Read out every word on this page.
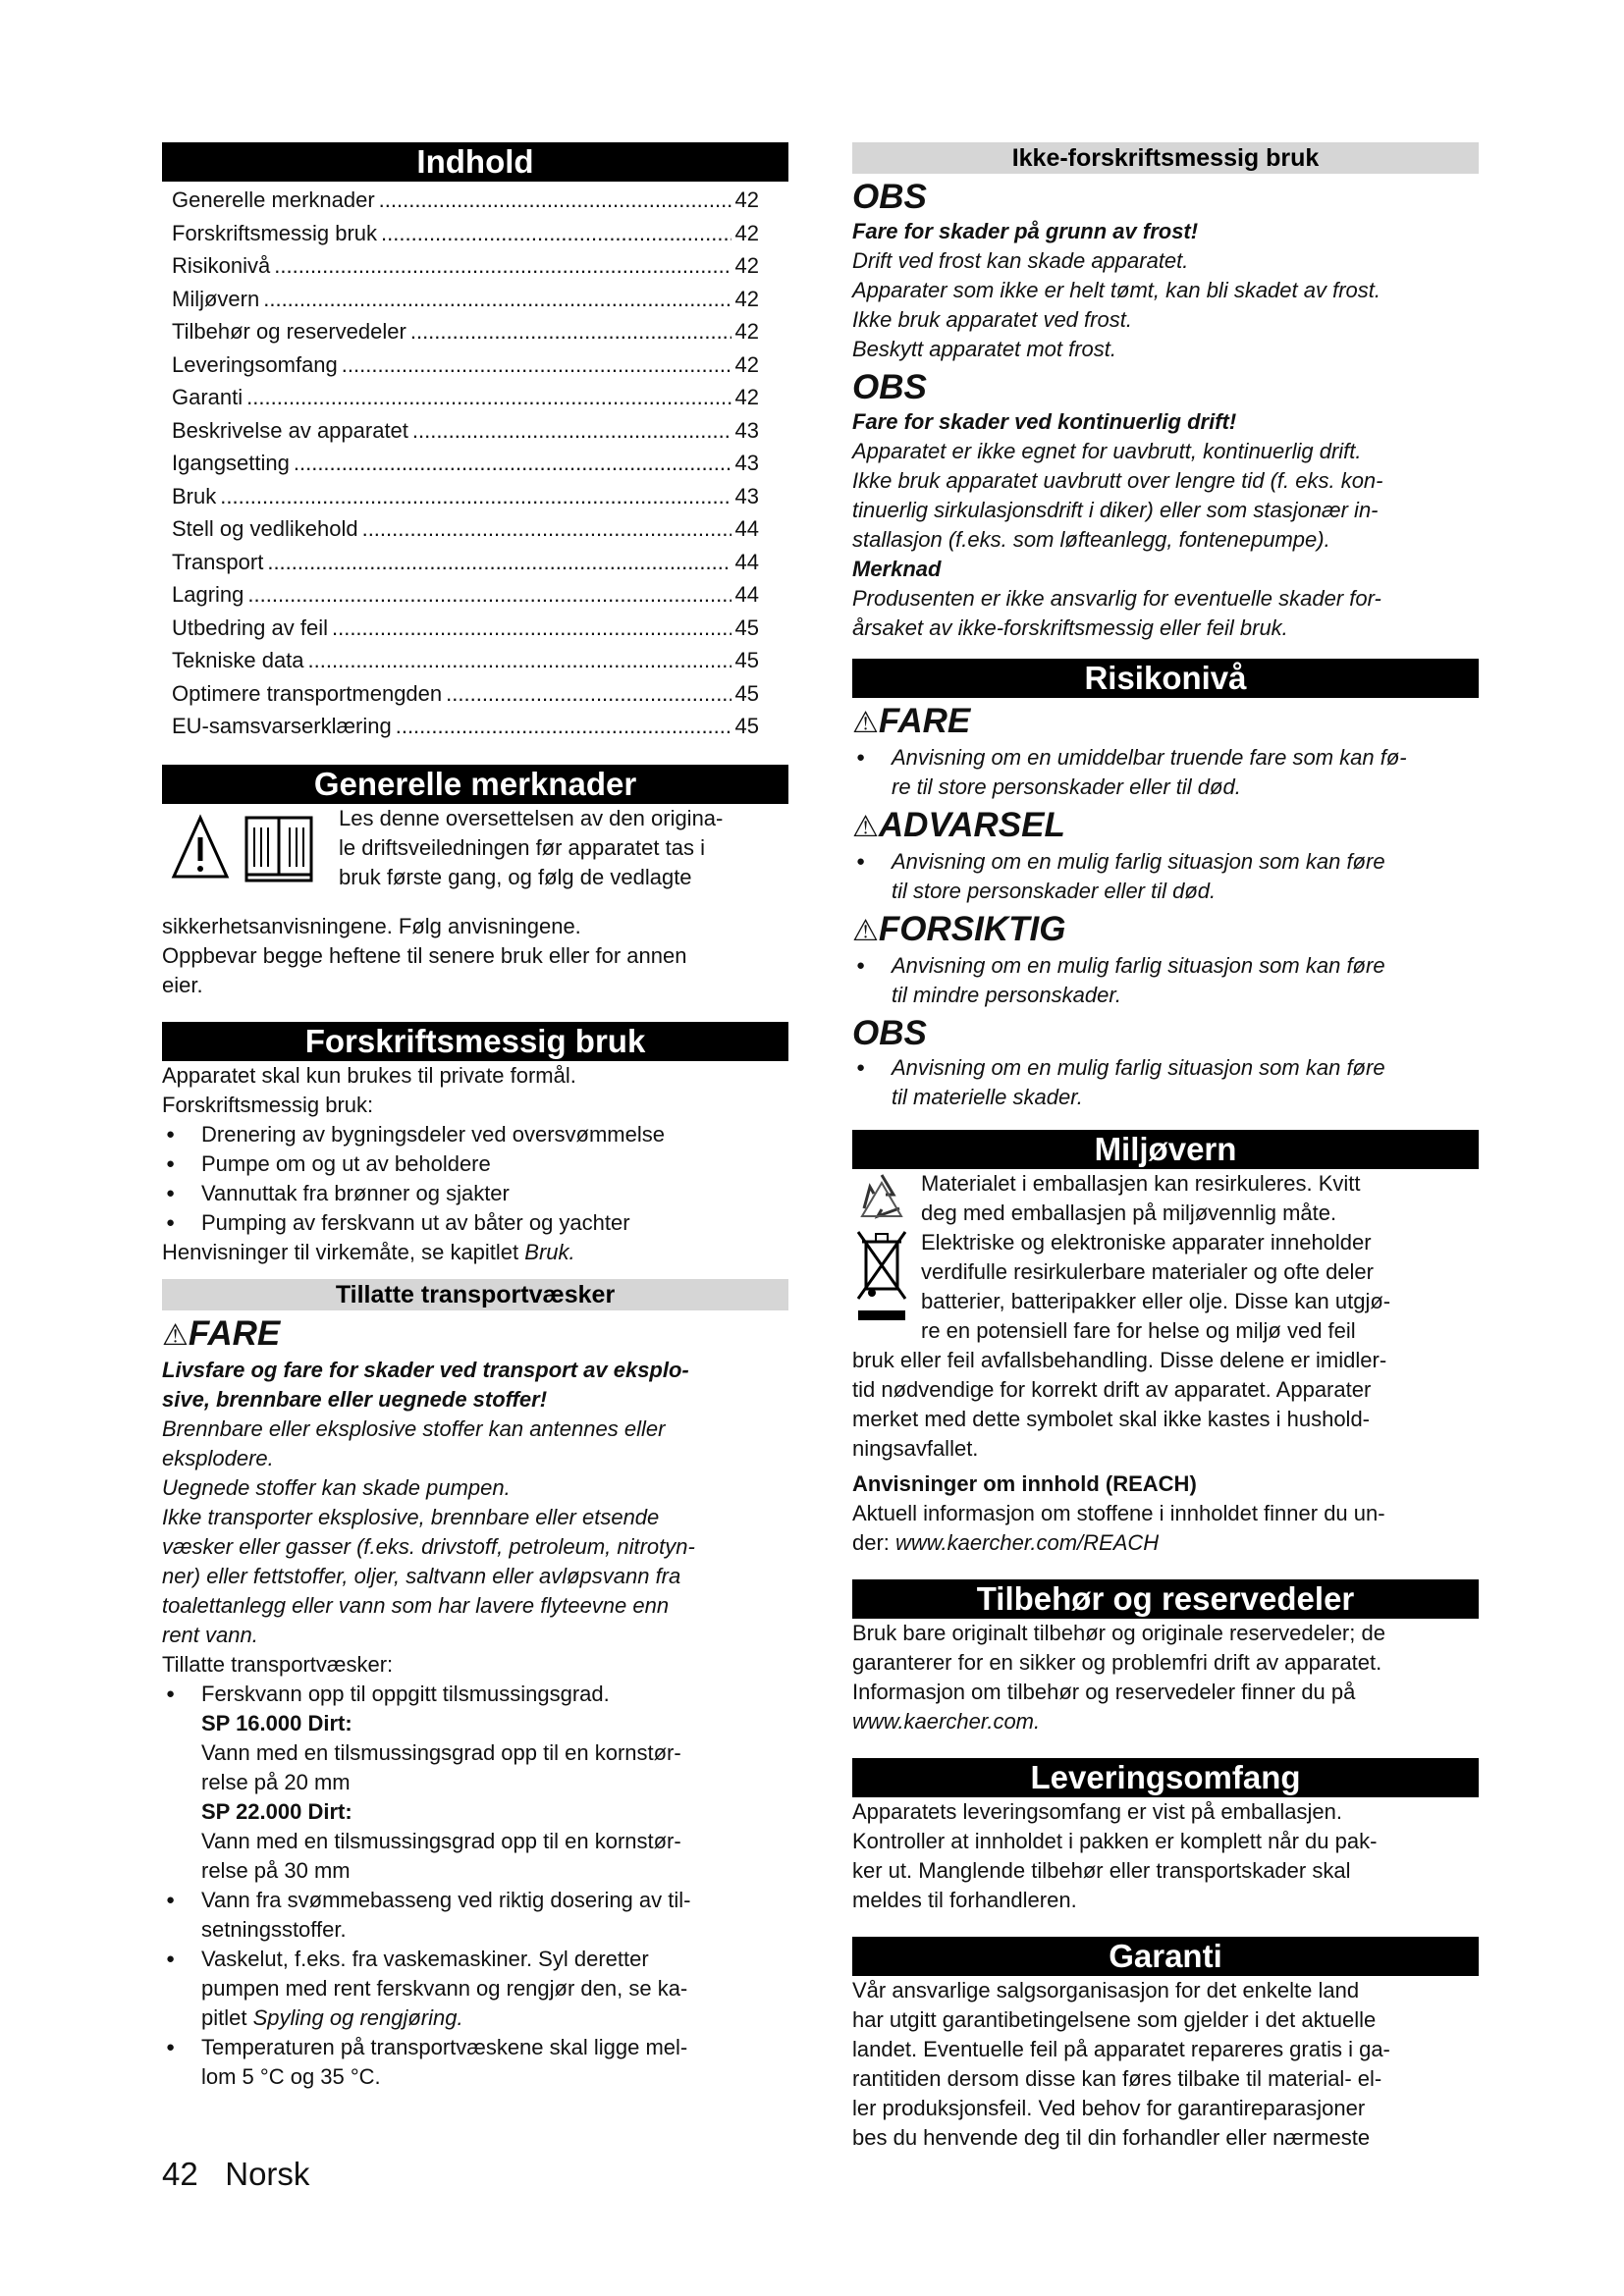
Indhold
Generelle merknader .....	42
Forskriftsmessig bruk .....	42
Risikonivå .....	42
Miljøvern .....	42
Tilbehør og reservedeler .....	42
Leveringsomfang .....	42
Garanti .....	42
Beskrivelse av apparatet .....	43
Igangsetting .....	43
Bruk .....	43
Stell og vedlikehold .....	44
Transport .....	44
Lagring .....	44
Utbedring av feil .....	45
Tekniske data .....	45
Optimere transportmengden .....	45
EU-samsvarserklæring .....	45
Generelle merknader

Les denne oversettelsen av den origina-

le driftsveiledningen før apparatet tas i

bruk første gang, og følg de vedlagte

sikkerhetsanvisningene. Følg anvisningene.

Oppbevar begge heftene til senere bruk eller for annen

eier.

Forskriftsmessig bruk

Apparatet skal kun brukes til private formål.

Forskriftsmessig bruk:

● Drenering av bygningsdeler ved oversvømmelse
● Pumpe om og ut av beholdere
● Vannuttak fra brønner og sjakter
● Pumping av ferskvann ut av båter og yachter

Henvisninger til virkemåte, se kapitlet Bruk.

Tillatte transportvæsker
⚠FARE

Livsfare og fare for skader ved transport av eksplo-

sive, brennbare eller uegnede stoffer!

Brennbare eller eksplosive stoffer kan antennes eller

eksplodere.

Uegnede stoffer kan skade pumpen.

Ikke transporter eksplosive, brennbare eller etsende

væsker eller gasser (f.eks. drivstoff, petroleum, nitrotyn-

ner) eller fettstoffer, oljer, saltvann eller avløpsvann fra

toalettanlegg eller vann som har lavere flyteevne enn

rent vann.

Tillatte transportvæsker:

● Ferskvann opp til oppgitt tilsmussingsgrad.
SP 16.000 Dirt:
Vann med en tilsmussingsgrad opp til en kornstør-
relse på 20 mm
SP 22.000 Dirt:
Vann med en tilsmussingsgrad opp til en kornstør-
relse på 30 mm
● Vann fra svømmebasseng ved riktig dosering av til-
setningsstoffer.
● Vaskelut, f.eks. fra vaskemaskiner. Syl deretter
pumpen med rent ferskvann og rengjør den, se ka-
pitlet Spyling og rengjøring.
● Temperaturen på transportvæskene skal ligge mel-
lom 5 °C og 35 °C.
Ikke-forskriftsmessig bruk
OBS

Fare for skader på grunn av frost!

Drift ved frost kan skade apparatet.

Apparater som ikke er helt tømt, kan bli skadet av frost.

Ikke bruk apparatet ved frost.

Beskytt apparatet mot frost.

OBS

Fare for skader ved kontinuerlig drift!

Apparatet er ikke egnet for uavbrutt, kontinuerlig drift.

Ikke bruk apparatet uavbrutt over lengre tid (f. eks. kon-

tinuerlig sirkulasjonsdrift i diker) eller som stasjonær in-

stallasjon (f.eks. som løfteanlegg, fontenepumpe).

Merknad

Produsenten er ikke ansvarlig for eventuelle skader for-

årsaket av ikke-forskriftsmessig eller feil bruk.

Risikonivå
⚠FARE
● Anvisning om en umiddelbar truende fare som kan fø-
re til store personskader eller til død.
⚠ADVARSEL
● Anvisning om en mulig farlig situasjon som kan føre
til store personskader eller til død.
⚠FORSIKTIG
● Anvisning om en mulig farlig situasjon som kan føre
til mindre personskader.
OBS
● Anvisning om en mulig farlig situasjon som kan føre
til materielle skader.
Miljøvern

Materialet i emballasjen kan resirkuleres. Kvitt

deg med emballasjen på miljøvennlig måte.

Elektriske og elektroniske apparater inneholder

verdifulle resirkulerbare materialer og ofte deler

batterier, batteripakker eller olje. Disse kan utgjø-

re en potensiell fare for helse og miljø ved feil

bruk eller feil avfallsbehandling. Disse delene er imidler-

tid nødvendige for korrekt drift av apparatet. Apparater

merket med dette symbolet skal ikke kastes i hushold-

ningsavfallet.

Anvisninger om innhold (REACH)

Aktuell informasjon om stoffene i innholdet finner du un-

der: www.kaercher.com/REACH

Tilbehør og reservedeler

Bruk bare originalt tilbehør og originale reservedeler; de

garanterer for en sikker og problemfri drift av apparatet.

Informasjon om tilbehør og reservedeler finner du på

www.kaercher.com.

Leveringsomfang

Apparatets leveringsomfang er vist på emballasjen.

Kontroller at innholdet i pakken er komplett når du pak-

ker ut. Manglende tilbehør eller transportskader skal

meldes til forhandleren.

Garanti

Vår ansvarlige salgsorganisasjon for det enkelte land

har utgitt garantibetingelsene som gjelder i det aktuelle

landet. Eventuelle feil på apparatet repareres gratis i ga-

rantitiden dersom disse kan føres tilbake til material- el-

ler produksjonsfeil. Ved behov for garantireparasjoner

bes du henvende deg til din forhandler eller nærmeste

42 Norsk
